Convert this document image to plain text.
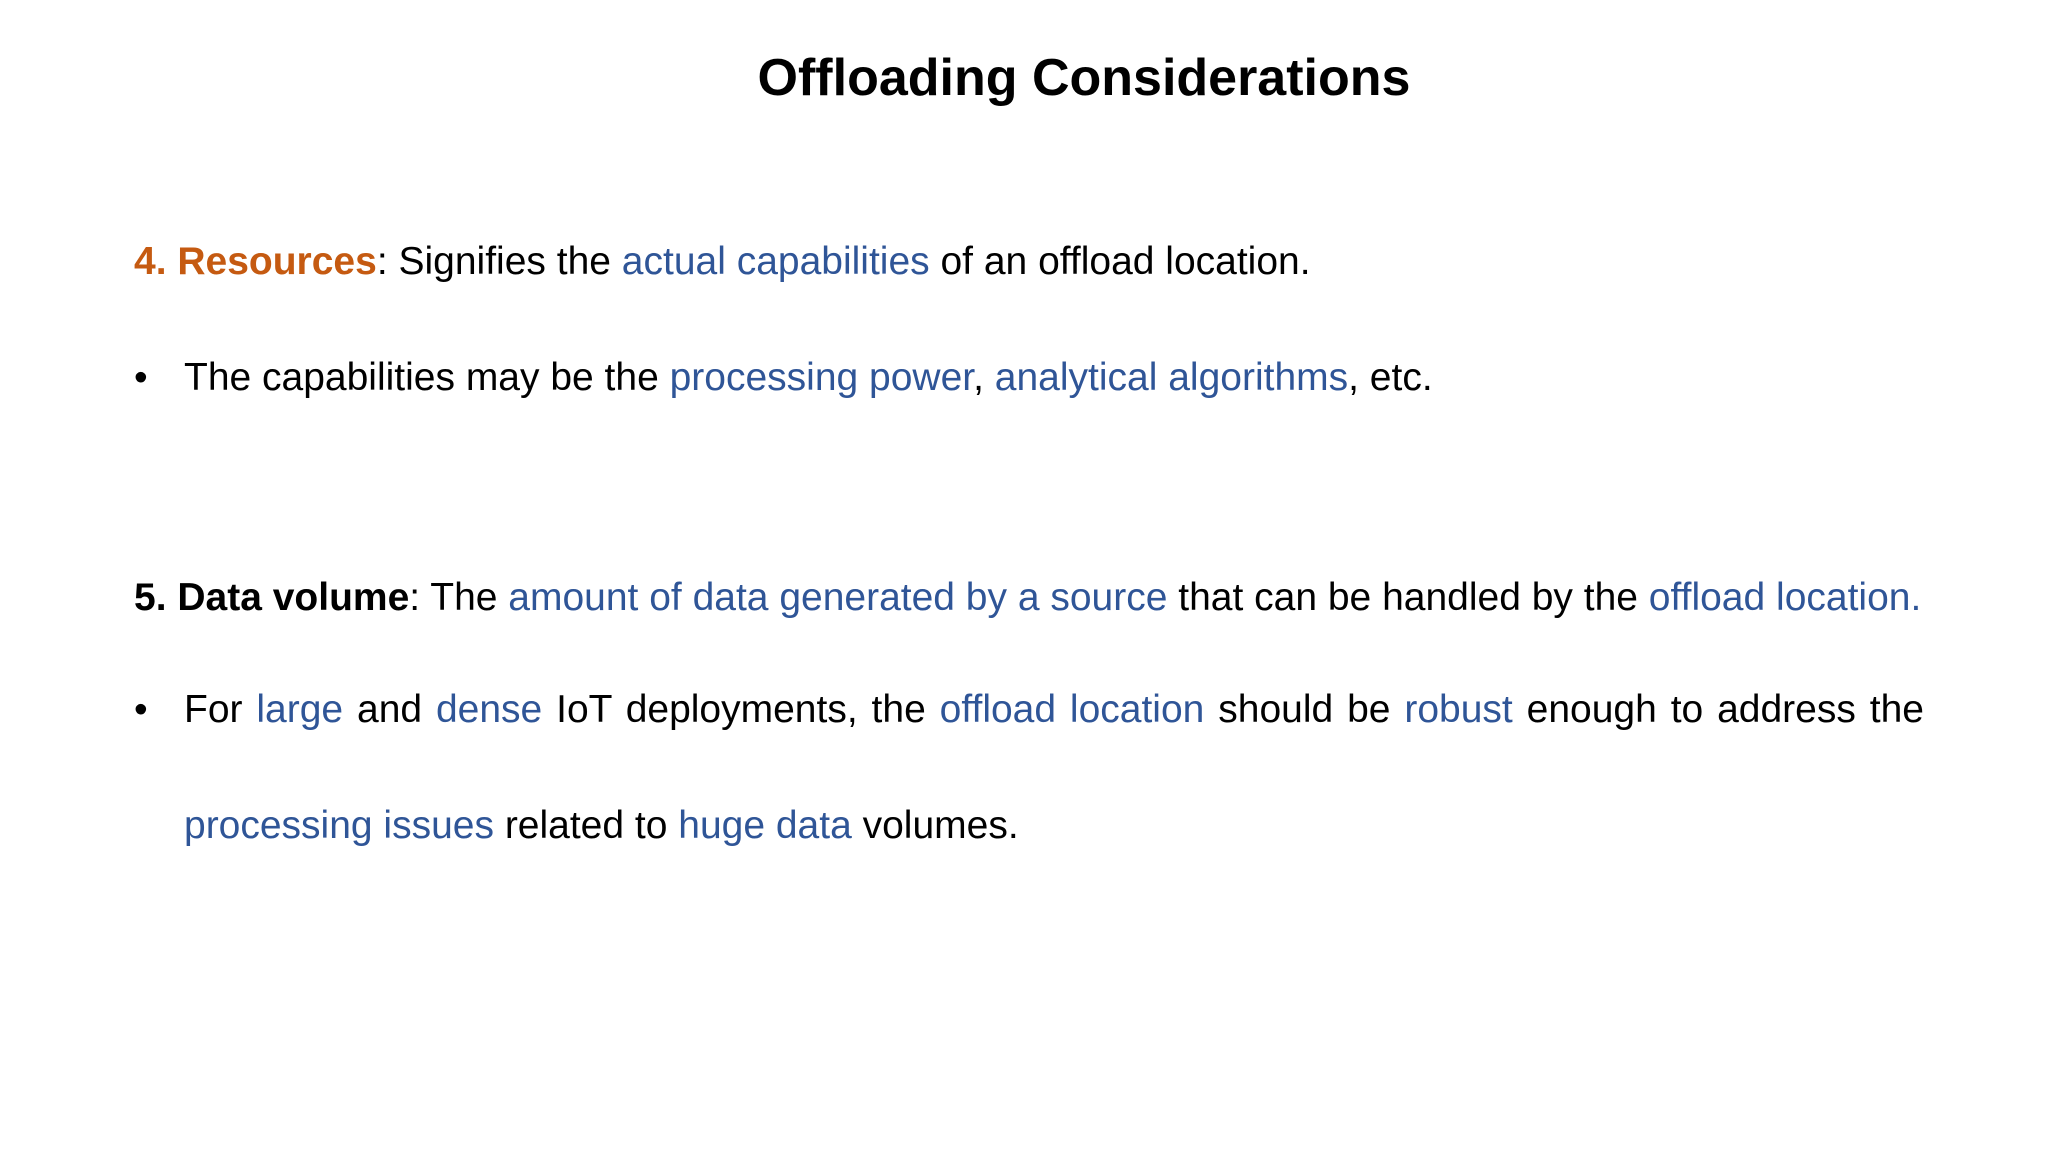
Offloading Considerations
4. Resources: Signifies the actual capabilities of an offload location.
• The capabilities may be the processing power, analytical algorithms, etc.
5. Data volume: The amount of data generated by a source that can be handled by the offload location.
• For large and dense IoT deployments, the offload location should be robust enough to address the
processing issues related to huge data volumes.
